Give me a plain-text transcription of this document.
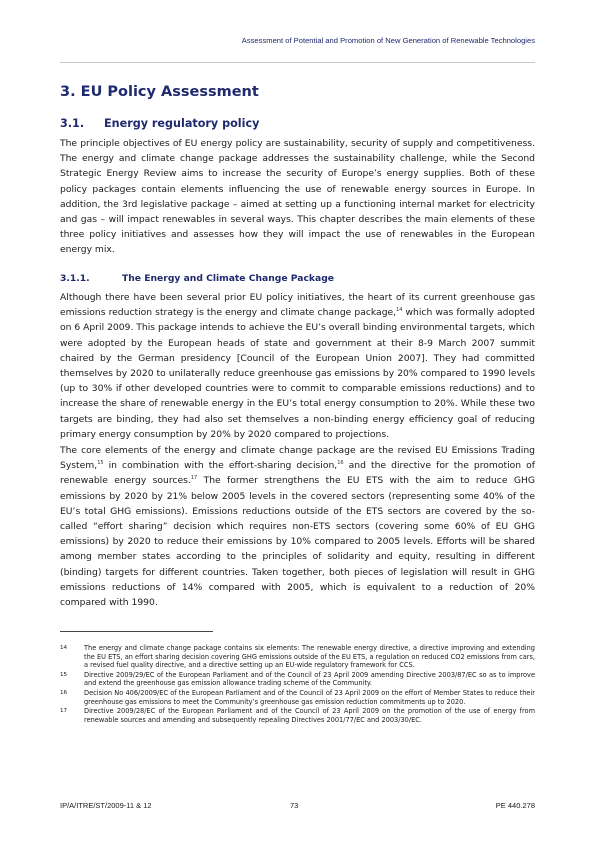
Assessment of Potential and Promotion of New Generation of Renewable Technologies
3. EU Policy Assessment
3.1. Energy regulatory policy
The principle objectives of EU energy policy are sustainability, security of supply and competitiveness. The energy and climate change package addresses the sustainability challenge, while the Second Strategic Energy Review aims to increase the security of Europe’s energy supplies. Both of these policy packages contain elements influencing the use of renewable energy sources in Europe. In addition, the 3rd legislative package – aimed at setting up a functioning internal market for electricity and gas – will impact renewables in several ways. This chapter describes the main elements of these three policy initiatives and assesses how they will impact the use of renewables in the European energy mix.
3.1.1.	The Energy and Climate Change Package
Although there have been several prior EU policy initiatives, the heart of its current greenhouse gas emissions reduction strategy is the energy and climate change package,$^{14}$ which was formally adopted on 6 April 2009. This package intends to achieve the EU’s overall binding environmental targets, which were adopted by the European heads of state and government at their 8-9 March 2007 summit chaired by the German presidency [Council of the European Union 2007]. They had committed themselves by 2020 to unilaterally reduce greenhouse gas emissions by 20% compared to 1990 levels (up to 30% if other developed countries were to commit to comparable emissions reductions) and to increase the share of renewable energy in the EU’s total energy consumption to 20%. While these two targets are binding, they had also set themselves a non-binding energy efficiency goal of reducing primary energy consumption by 20% by 2020 compared to projections.
The core elements of the energy and climate change package are the revised EU Emissions Trading System,$^{15}$ in combination with the effort-sharing decision,$^{16}$ and the directive for the promotion of renewable energy sources.$^{17}$ The former strengthens the EU ETS with the aim to reduce GHG emissions by 2020 by 21% below 2005 levels in the covered sectors (representing some 40% of the EU’s total GHG emissions). Emissions reductions outside of the ETS sectors are covered by the so-called “effort sharing” decision which requires non-ETS sectors (covering some 60% of EU GHG emissions) by 2020 to reduce their emissions by 10% compared to 2005 levels. Efforts will be shared among member states according to the principles of solidarity and equity, resulting in different (binding) targets for different countries. Taken together, both pieces of legislation will result in GHG emissions reductions of 14% compared with 2005, which is equivalent to a reduction of 20% compared with 1990.
14	The energy and climate change package contains six elements: The renewable energy directive, a directive improving and extending the EU ETS, an effort sharing decision covering GHG emissions outside of the EU ETS, a regulation on reduced CO2 emissions from cars, a revised fuel quality directive, and a directive setting up an EU-wide regulatory framework for CCS.
15	Directive 2009/29/EC of the European Parliament and of the Council of 23 April 2009 amending Directive 2003/87/EC so as to improve and extend the greenhouse gas emission allowance trading scheme of the Community.
16	Decision No 406/2009/EC of the European Parliament and of the Council of 23 April 2009 on the effort of Member States to reduce their greenhouse gas emissions to meet the Community’s greenhouse gas emission reduction commitments up to 2020.
17	Directive 2009/28/EC of the European Parliament and of the Council of 23 April 2009 on the promotion of the use of energy from renewable sources and amending and subsequently repealing Directives 2001/77/EC and 2003/30/EC.
IP/A/ITRE/ST/2009-11 & 12	73	PE 440.278
